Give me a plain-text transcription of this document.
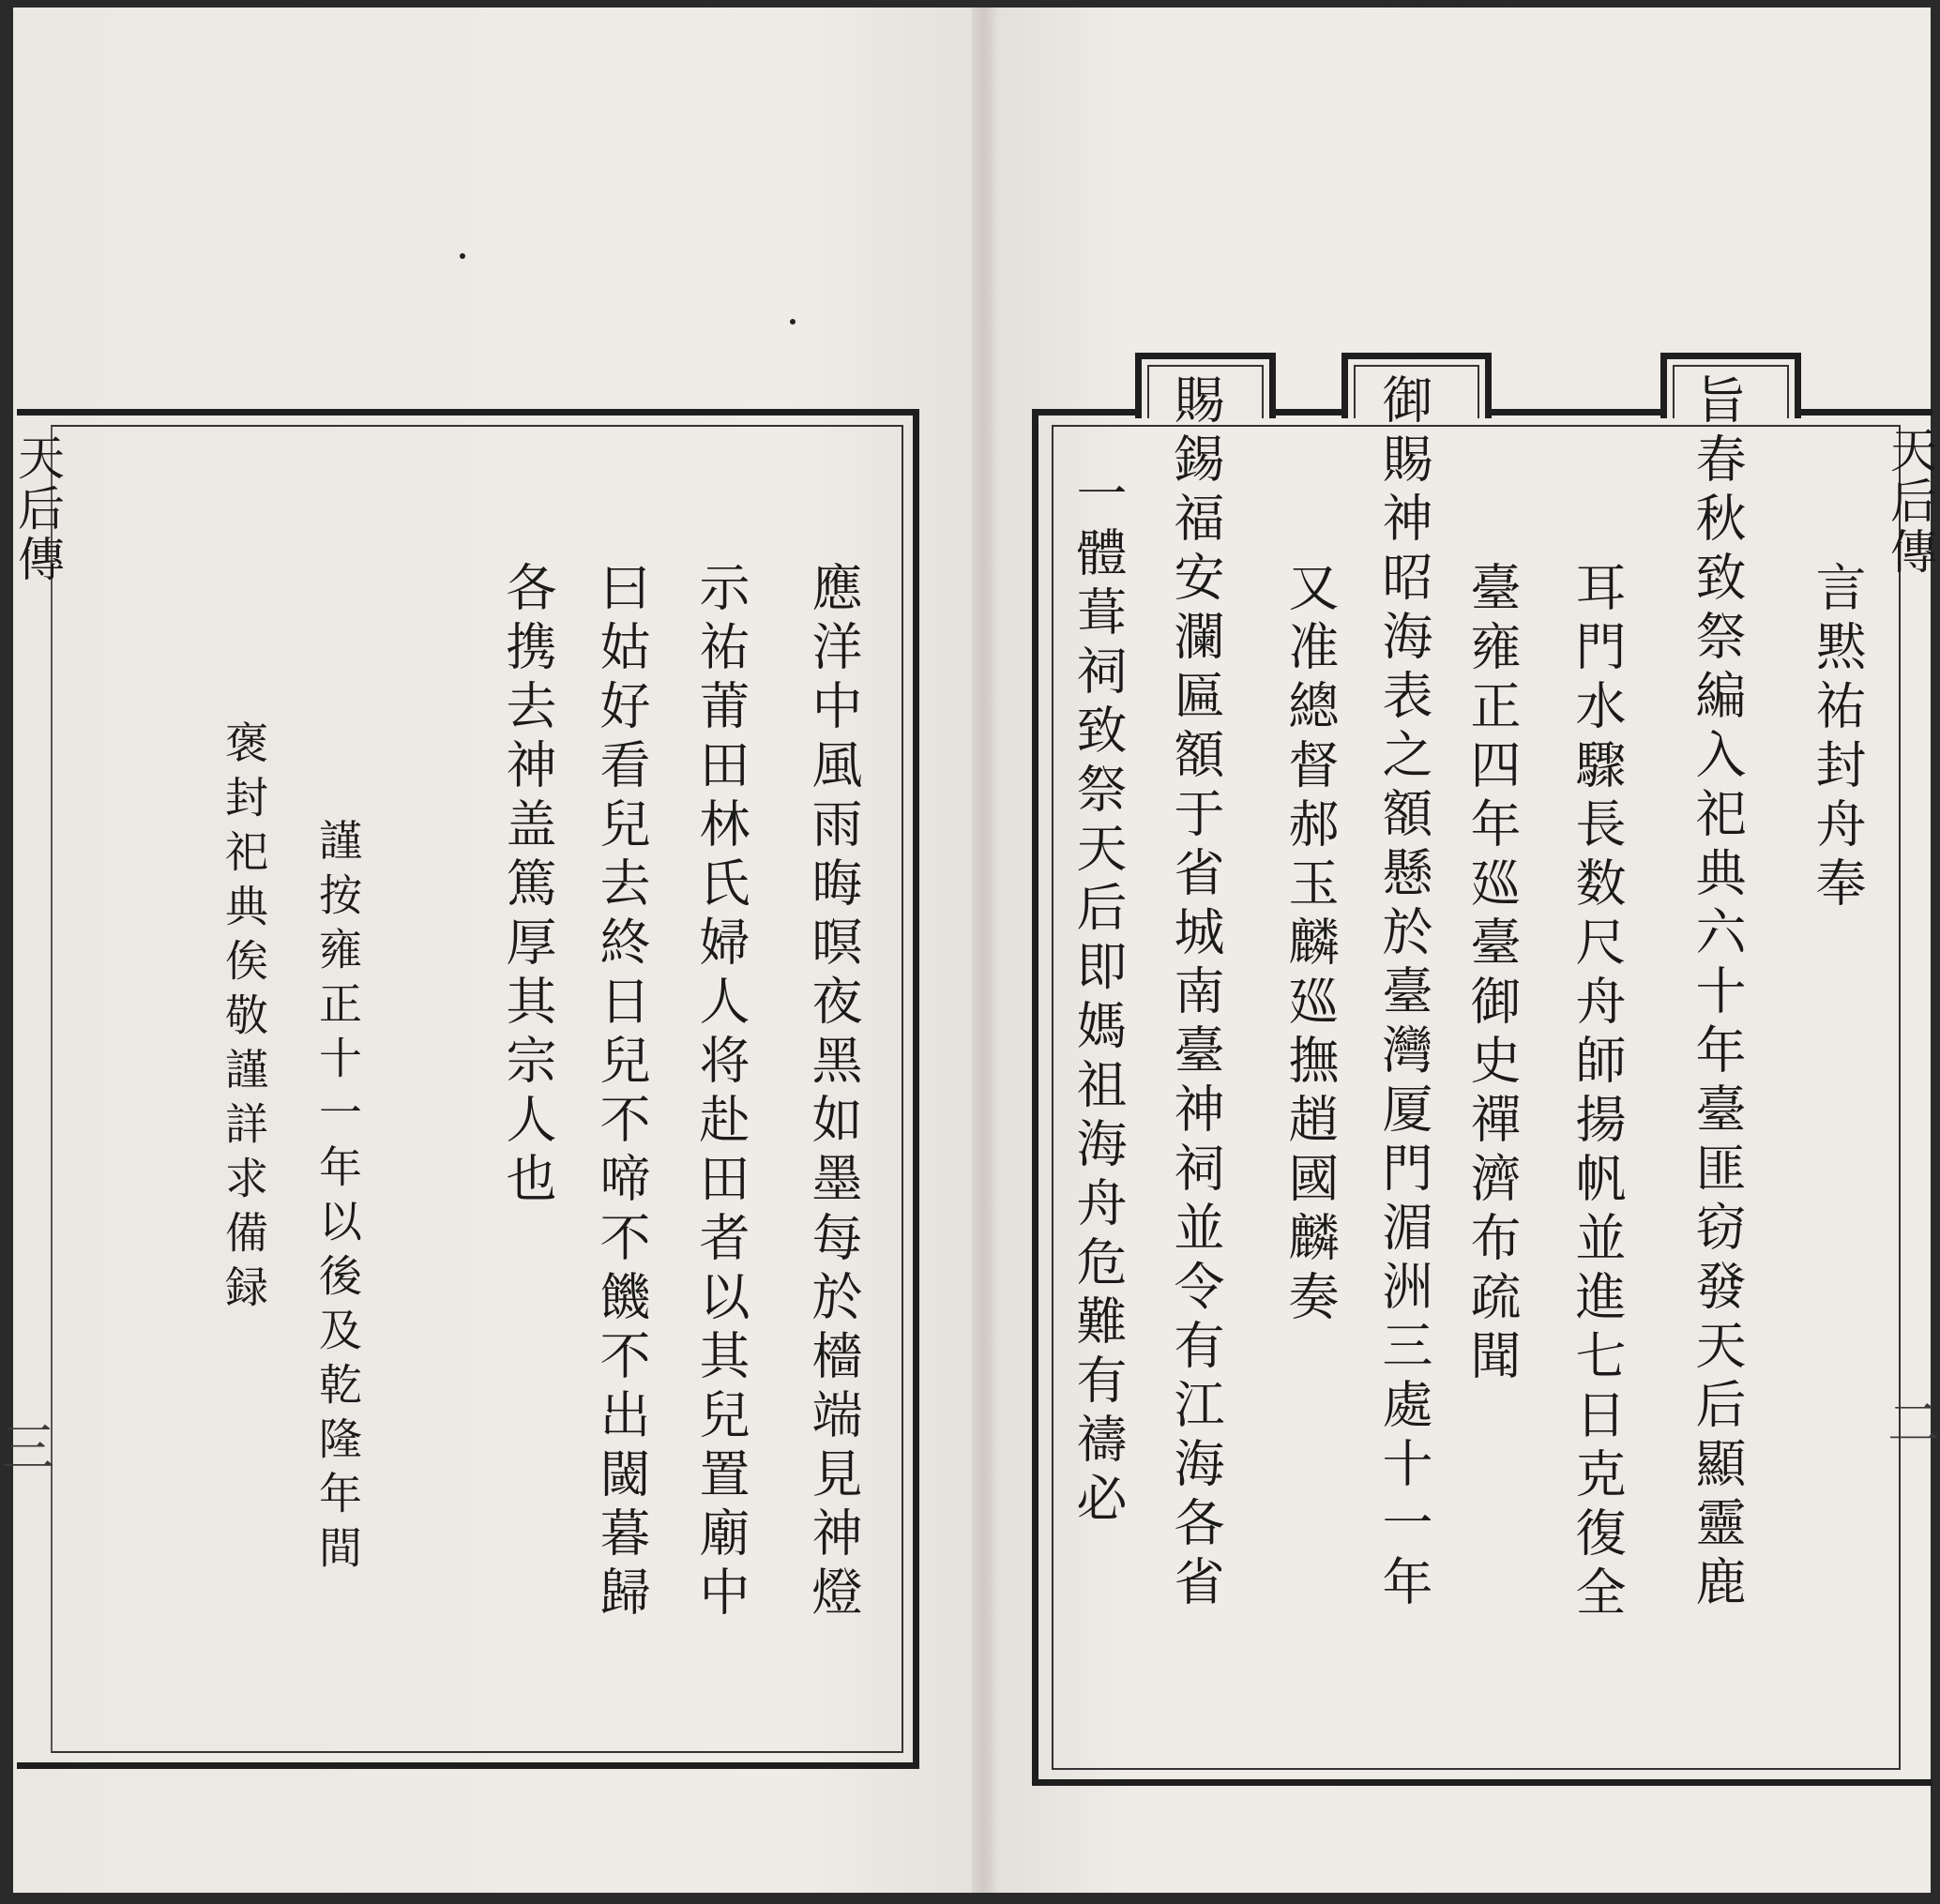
天后傳
三	應洋中風雨晦暝夜黑如墨每於檣端見神燈
示祐莆田林氏婦人将赴田者以其兒置廟中
曰姑好看兒去終日兒不啼不饑不出閾暮歸
各携去神盖篤厚其宗人也
謹按雍正十一年以後及乾隆年間
褒封祀典俟敬謹詳求備録
天后傳
二
言黙祐封舟奉
旨春秋致祭編入祀典六十年臺匪窃發天后顯靈鹿
耳門水驟長数尺舟師揚帆並進七日克復全
臺雍正四年廵臺御史禪濟布疏聞
御賜神昭海表之額懸於臺灣厦門湄洲三處十一年
又准總督郝玉麟廵撫趙國麟奏
賜錫福安瀾匾額于省城南臺神祠並令有江海各省
一體葺祠致祭天后即媽祖海舟危難有禱必
